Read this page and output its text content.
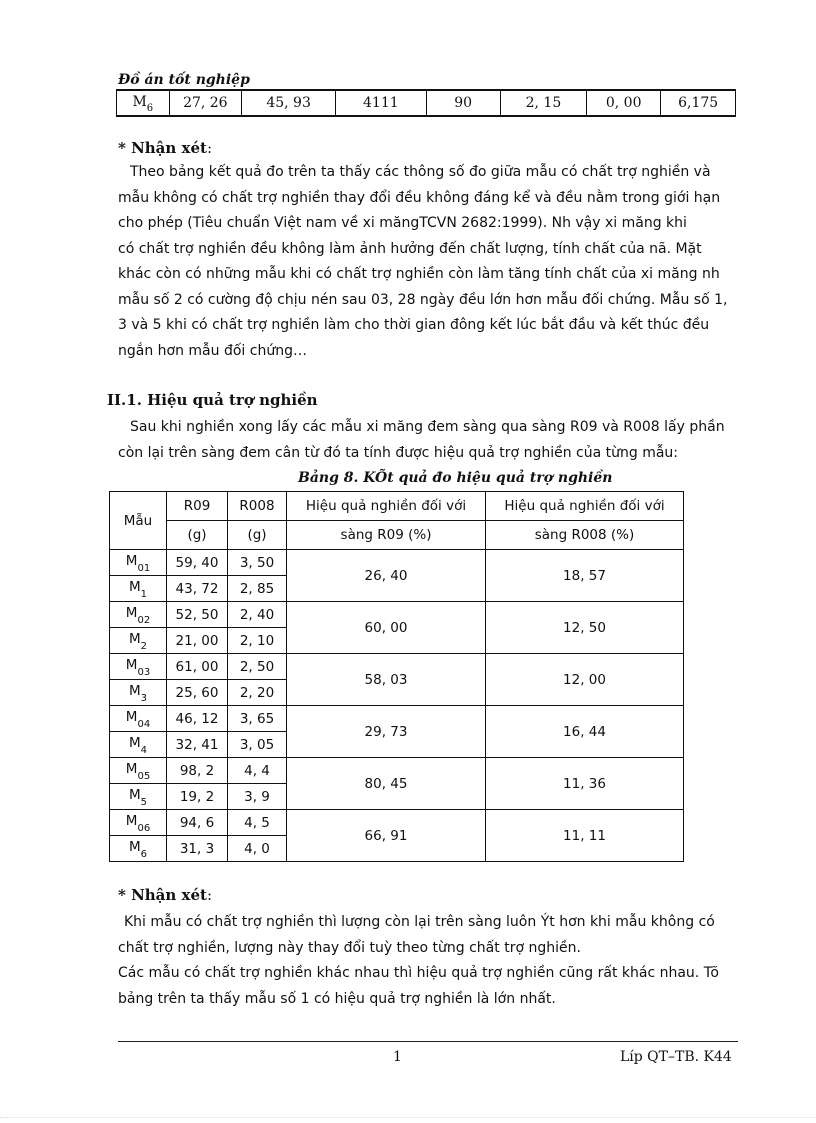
Đồ án tốt nghiệp
$M_6$	27, 26	45, 93	4111	90	2, 15	0, 00	6,175
* Nhận xét:
Theo bảng kết quả đo trên ta thấy các thông số đo giữa mẫu có chất trợ nghiền và
mẫu không có chất trợ nghiền thay đổi đều không đáng kể và đều nằm trong giới hạn
cho phép (Tiêu chuẩn Việt nam về xi măngTCVN 2682:1999). Nh vậy xi măng khi
có chất trợ nghiền đều không làm ảnh hưởng đến chất lượng, tính chất của nã. Mặt
khác còn có những mẫu khi có chất trợ nghiền còn làm tăng tính chất của xi măng nh
mẫu số 2 có cường độ chịu nén sau 03, 28 ngày đều lớn hơn mẫu đối chứng. Mẫu số 1,
3 và 5 khi có chất trợ nghiền làm cho thời gian đông kết lúc bắt đầu và kết thúc đều
ngắn hơn mẫu đối chứng…
II.1. Hiệu quả trợ nghiền
Sau khi nghiền xong lấy các mẫu xi măng đem sàng qua sàng R09 và R008 lấy phần
còn lại trên sàng đem cân từ đó ta tính được hiệu quả trợ nghiền của từng mẫu:
Bảng 8. KÕt quả đo hiệu quả trợ nghiền
Mẫu	R09	R008	Hiệu quả nghiền đối với	Hiệu quả nghiền đối với
	(g)	(g)	sàng R09 (%)	sàng R008 (%)
$M_{01}$	59, 40	3, 50	26, 40	18, 57
$M_1$	43, 72	2, 85		
$M_{02}$	52, 50	2, 40	60, 00	12, 50
$M_2$	21, 00	2, 10		
$M_{03}$	61, 00	2, 50	58, 03	12, 00
$M_3$	25, 60	2, 20		
$M_{04}$	46, 12	3, 65	29, 73	16, 44
$M_4$	32, 41	3, 05		
$M_{05}$	98, 2	4, 4	80, 45	11, 36
$M_5$	19, 2	3, 9		
$M_{06}$	94, 6	4, 5	66, 91	11, 11
$M_6$	31, 3	4, 0		
* Nhận xét:
Khi mẫu có chất trợ nghiền thì lượng còn lại trên sàng luôn Ýt hơn khi mẫu không có
chất trợ nghiền, lượng này thay đổi tuỳ theo từng chất trợ nghiền.
Các mẫu có chất trợ nghiền khác nhau thì hiệu quả trợ nghiền cũng rất khác nhau. Tõ
bảng trên ta thấy mẫu số 1 có hiệu quả trợ nghiền là lớn nhất.
1	Líp QT–TB. K44
